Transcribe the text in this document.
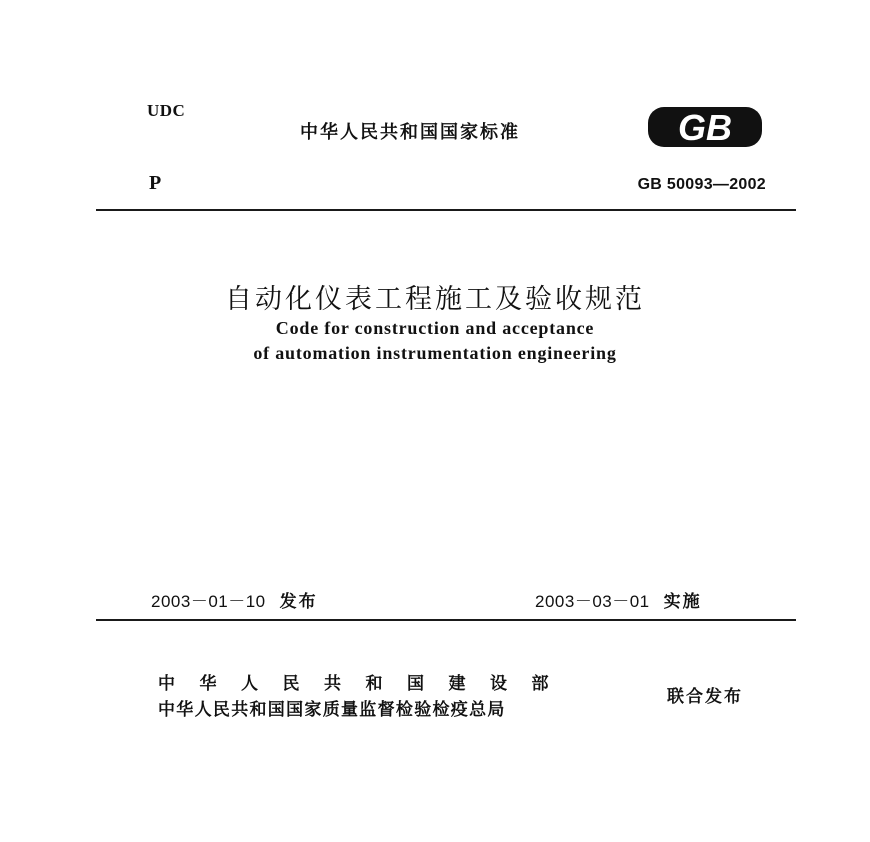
UDC
中华人民共和国国家标准	GB
P	GB 50093—2002
自动化仪表工程施工及验收规范
Code for construction and acceptance
of automation instrumentation engineering
2003－01－10 发布	2003－03－01 实施
中华人民共和国建设部
中华人民共和国国家质量监督检验检疫总局
联合发布
